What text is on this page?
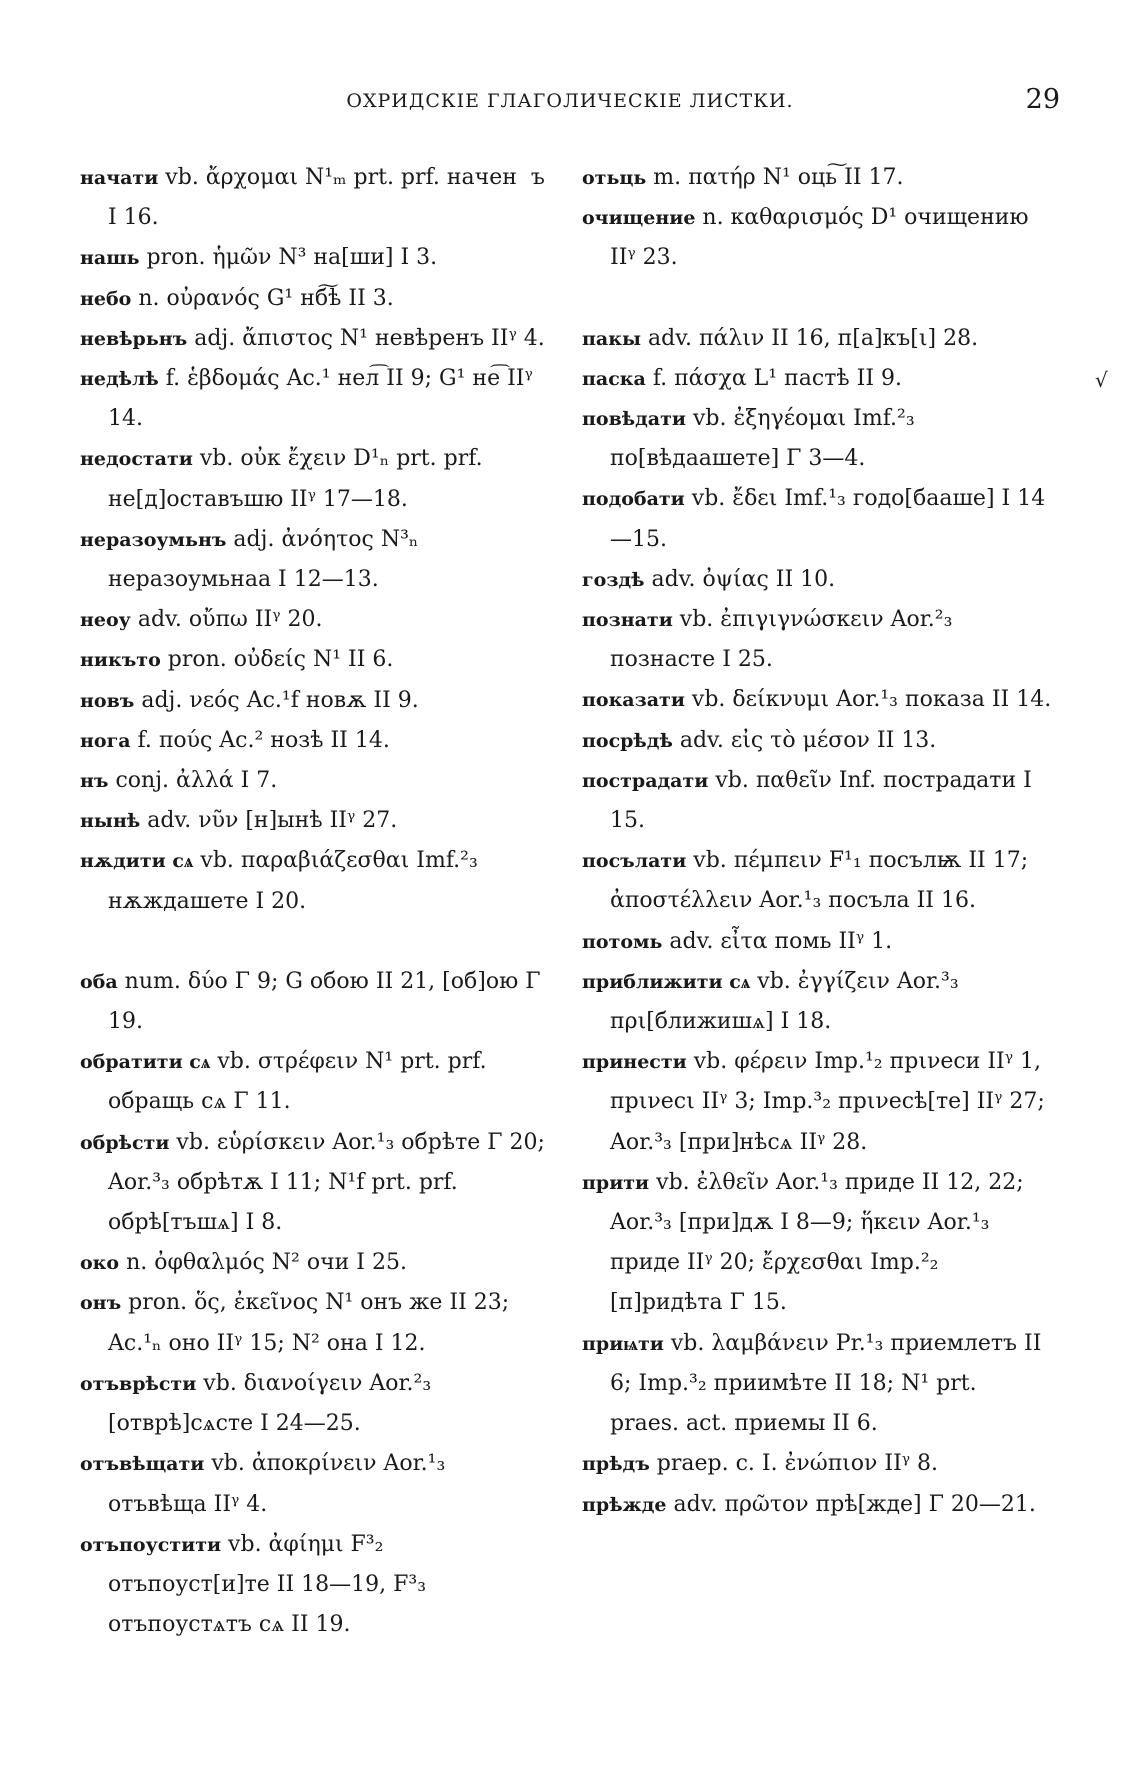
ОХРИДСКІЕ ГЛАГОЛИЧЕСКІЕ ЛИСТКИ.	29
начати vb. ἄρχομαι N¹ₘ prt. prf. начен  ъ I 16.
нашь pron. ἡμῶν N³ на[ши] I 3.
небо n. οὐρανός G¹ нб͠ѣ II 3.
невѣрьнъ adj. ἄπιστος N¹ невѣренъ IIᵞ 4.
недѣлѣ f. ἑβδομάς Ac.¹ нел͡ II 9; G¹ не͡ IIᵞ 14.
недостати vb. οὐκ ἔχειν D¹ₙ prt. prf. не[д]оставъшю IIᵞ 17—18.
неразоумьнъ adj. ἀνόητος N³ₙ неразоумьнаа I 12—13.
неоу adv. οὔπω IIᵞ 20.
никъто pron. οὐδείς N¹ II 6.
новъ adj. νεός Ac.¹f новѫ II 9.
нога f. πούς Ac.² нозѣ II 14.
нъ conj. ἀλλά I 7.
нынѣ adv. νῦν [н]ынѣ IIᵞ 27.
нѫдити сѧ vb. παραβιάζεσθαι Imf.²₃ нѫждашете I 20.
оба num. δύο Γ 9; G обою II 21, [об]ою Γ 19.
обратити сѧ vb. στρέφειν N¹ prt. prf. обращь сѧ Γ 11.
обрѣсти vb. εὑρίσκειν Aor.¹₃ обрѣте Γ 20; Aor.³₃ обрѣтѫ I 11; N¹f prt. prf. обрѣ[тъшѧ] I 8.
око n. ὀφθαλμός N² очи I 25.
онъ pron. ὅς, ἐκεῖνος N¹ онъ же II 23; Ac.¹ₙ оно IIᵞ 15; N² она I 12.
отъврѣсти vb. διανοίγειν Aor.²₃ [отврѣ]сѧсте I 24—25.
отъвѣщати vb. ἀποκρίνειν Aor.¹₃ отъвѣща IIᵞ 4.
отъпоустити vb. ἀφίημι F³₂ отъпоуст[и]те II 18—19, F³₃ отъпоустѧтъ сѧ II 19.
отьць m. πατήρ N¹ оць͠ II 17.
очищение n. καθαρισμός D¹ очищению IIᵞ 23.
пакы adv. πάλιν II 16, п[а]къ[ι] 28.
паска f. πάσχα L¹ пастѣ II 9.
повѣдати vb. ἐξηγέομαι Imf.²₃ по[вѣдаашете] Γ 3—4.
подобати vb. ἔδει Imf.¹₃ годо[бааше] I 14—15.
гоздѣ adv. ὀψίας II 10.
познати vb. ἐπιγιγνώσκειν Aor.²₃ познасте I 25.
показати vb. δείκνυμι Aor.¹₃ показа II 14.
посрѣдѣ adv. εἰς τὸ μέσον II 13.
пострадати vb. παθεῖν Inf. пострадати I 15.
посълати vb. πέμπειν F¹₁ посълѭ II 17; ἀποστέλλειν Aor.¹₃ посъла II 16.
потомь adv. εἶτα помь IIᵞ 1.
приближити сѧ vb. ἐγγίζειν Aor.³₃ пρι[ближишѧ] I 18.
принести vb. φέρειν Imp.¹₂ прινеси IIᵞ 1, прινесι IIᵞ 3; Imp.³₂ прινесѣ[те] IIᵞ 27; Aor.³₃ [при]нѣсѧ IIᵞ 28.
прити vb. ἐλθεῖν Aor.¹₃ приде II 12, 22; Aor.³₃ [при]дѫ I 8—9; ἥκειν Aor.¹₃ приде IIᵞ 20; ἔρχεσθαι Imp.²₂ [п]ридѣта Γ 15.
приѩти vb. λαμβάνειν Pr.¹₃ приемлетъ II 6; Imp.³₂ приимѣте II 18; N¹ prt. praes. act. приемы II 6.
прѣдъ praep. c. I. ἐνώπιον IIᵞ 8.
прѣжде adv. πρῶτον прѣ[жде] Γ 20—21.
√
